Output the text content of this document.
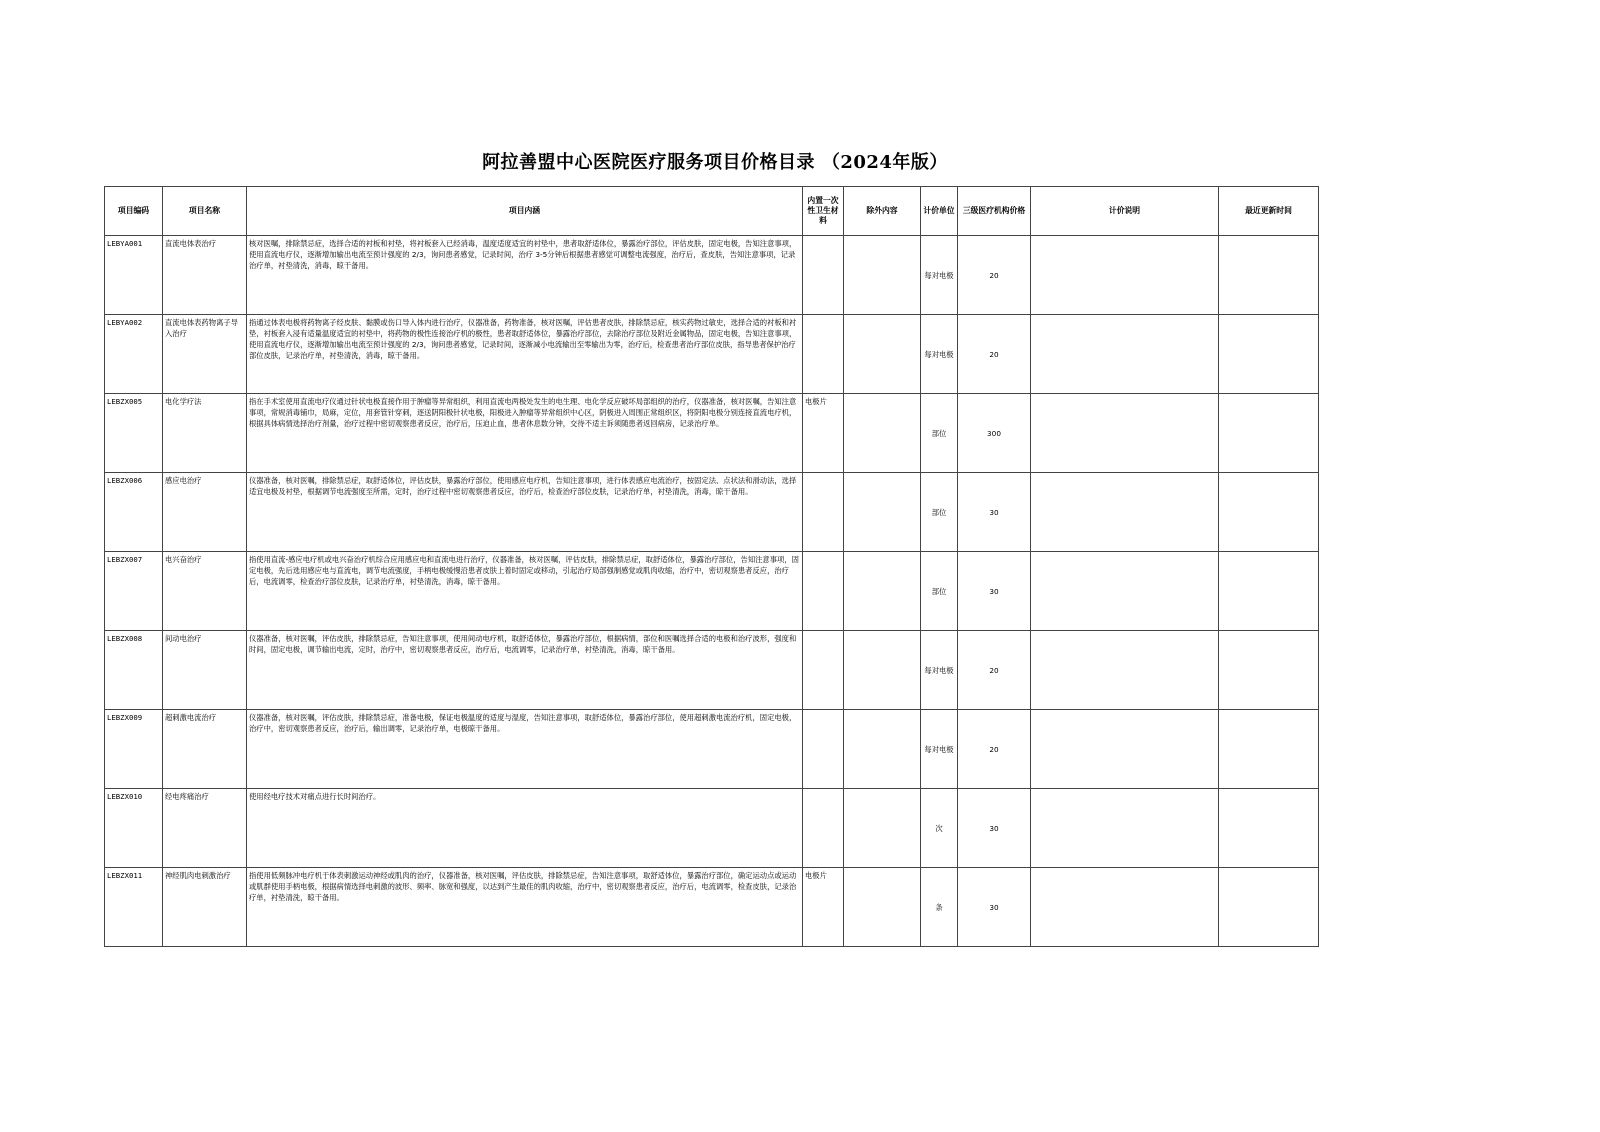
阿拉善盟中心医院医疗服务项目价格目录 （2024年版）
项目编码	项目名称	项目内涵	内置一次性卫生材料	除外内容	计价单位	三级医疗机构价格	计价说明	最近更新时间
LEBYA001	直流电体表治疗	核对医嘱，排除禁忌症，选择合适的衬板和衬垫，将衬板套入已经消毒，温度适度适宜的衬垫中，患者取舒适体位，暴露治疗部位，评估皮肤，固定电极，告知注意事项，使用直流电疗仪，逐渐增加输出电流至预计强度的 2/3，询问患者感觉，记录时间，治疗 3-5分钟后根据患者感觉可调整电流强度，治疗后，查皮肤，告知注意事项，记录治疗单，衬垫清洗，消毒，晾干备用。			每对电极	20		
LEBYA002	直流电体表药物离子导入治疗	指通过体表电极将药物离子经皮肤、黏膜或伤口导入体内进行治疗，仪器准备，药物准备，核对医嘱，评估患者皮肤，排除禁忌症，核实药物过敏史，选择合适的衬板和衬垫，衬板套入浸有适量温度适宜的衬垫中，将药物的极性连接治疗机的极性，患者取舒适体位，暴露治疗部位，去除治疗部位及附近金属物品，固定电极，告知注意事项，使用直流电疗仪，逐渐增加输出电流至预计强度的 2/3，询问患者感觉，记录时间，逐渐减小电流输出至零输出为零，治疗后，检查患者治疗部位皮肤，指导患者保护治疗部位皮肤，记录治疗单，衬垫清洗，消毒，晾干备用。			每对电极	20		
LEBZX005	电化学疗法	指在手术室使用直流电疗仪通过针状电极直接作用于肿瘤等异常组织，利用直流电两极处发生的电生理、电化学反应破坏局部组织的治疗，仪器准备，核对医嘱，告知注意事项，常规消毒铺巾，局麻，定位，用套管针穿刺，逐送阴阳极针状电极，阳极进入肿瘤等异常组织中心区，阴极进入周围正常组织区，将阴阳电极分别连接直流电疗机，根据具体病情选择治疗剂量，治疗过程中密切观察患者反应，治疗后，压迫止血，患者休息数分钟，交待不适主诉须随患者返回病房，记录治疗单。	电极片		部位	300		
LEBZX006	感应电治疗	仪器准备，核对医嘱，排除禁忌症，取舒适体位，评估皮肤，暴露治疗部位，使用感应电疗机，告知注意事项，进行体表感应电流治疗，按固定法、点状法和滑动法，选择适宜电极及衬垫，根据调节电流强度至所需，定时，治疗过程中密切观察患者反应，治疗后，检查治疗部位皮肤，记录治疗单，衬垫清洗，消毒，晾干备用。			部位	30		
LEBZX007	电兴奋治疗	指使用直流-感应电疗机或电兴奋治疗机综合应用感应电和直流电进行治疗，仪器准备，核对医嘱，评估皮肤，排除禁忌症，取舒适体位，暴露治疗部位，告知注意事项，固定电极，先后选用感应电与直流电，调节电流强度，手柄电极缓慢沿患者皮肤上着时固定或移动，引起治疗局部强制感觉或肌肉收缩，治疗中，密切观察患者反应，治疗后，电流调零，检查治疗部位皮肤，记录治疗单，衬垫清洗，消毒，晾干备用。			部位	30		
LEBZX008	间动电治疗	仪器准备，核对医嘱，评估皮肤，排除禁忌症，告知注意事项，使用间动电疗机，取舒适体位，暴露治疗部位，根据病情，部位和医嘱选择合适的电极和治疗波形，强度和时间，固定电极，调节输出电流，定时，治疗中，密切观察患者反应，治疗后，电流调零，记录治疗单，衬垫清洗，消毒，晾干备用。			每对电极	20		
LEBZX009	超刺激电流治疗	仪器准备，核对医嘱，评估皮肤，排除禁忌症，准备电极，保证电极温度的适度与湿度，告知注意事项，取舒适体位，暴露治疗部位，使用超刺激电流治疗机，固定电极，治疗中，密切观察患者反应，治疗后，输出调零，记录治疗单，电极晾干备用。			每对电极	20		
LEBZX010	经电疼痛治疗	使用经电疗技术对痛点进行长时间治疗。			次	30		
LEBZX011	神经肌肉电刺激治疗	指使用低频脉冲电疗机于体表刺激运动神经或肌肉的治疗，仪器准备，核对医嘱，评估皮肤，排除禁忌症，告知注意事项，取舒适体位，暴露治疗部位，确定运动点或运动或肌群使用手柄电极，根据病情选择电刺激的波形、频率、脉宽和强度，以达到产生最佳的肌肉收缩，治疗中，密切观察患者反应，治疗后，电流调零，检查皮肤，记录治疗单，衬垫清洗，晾干备用。	电极片		条	30		
